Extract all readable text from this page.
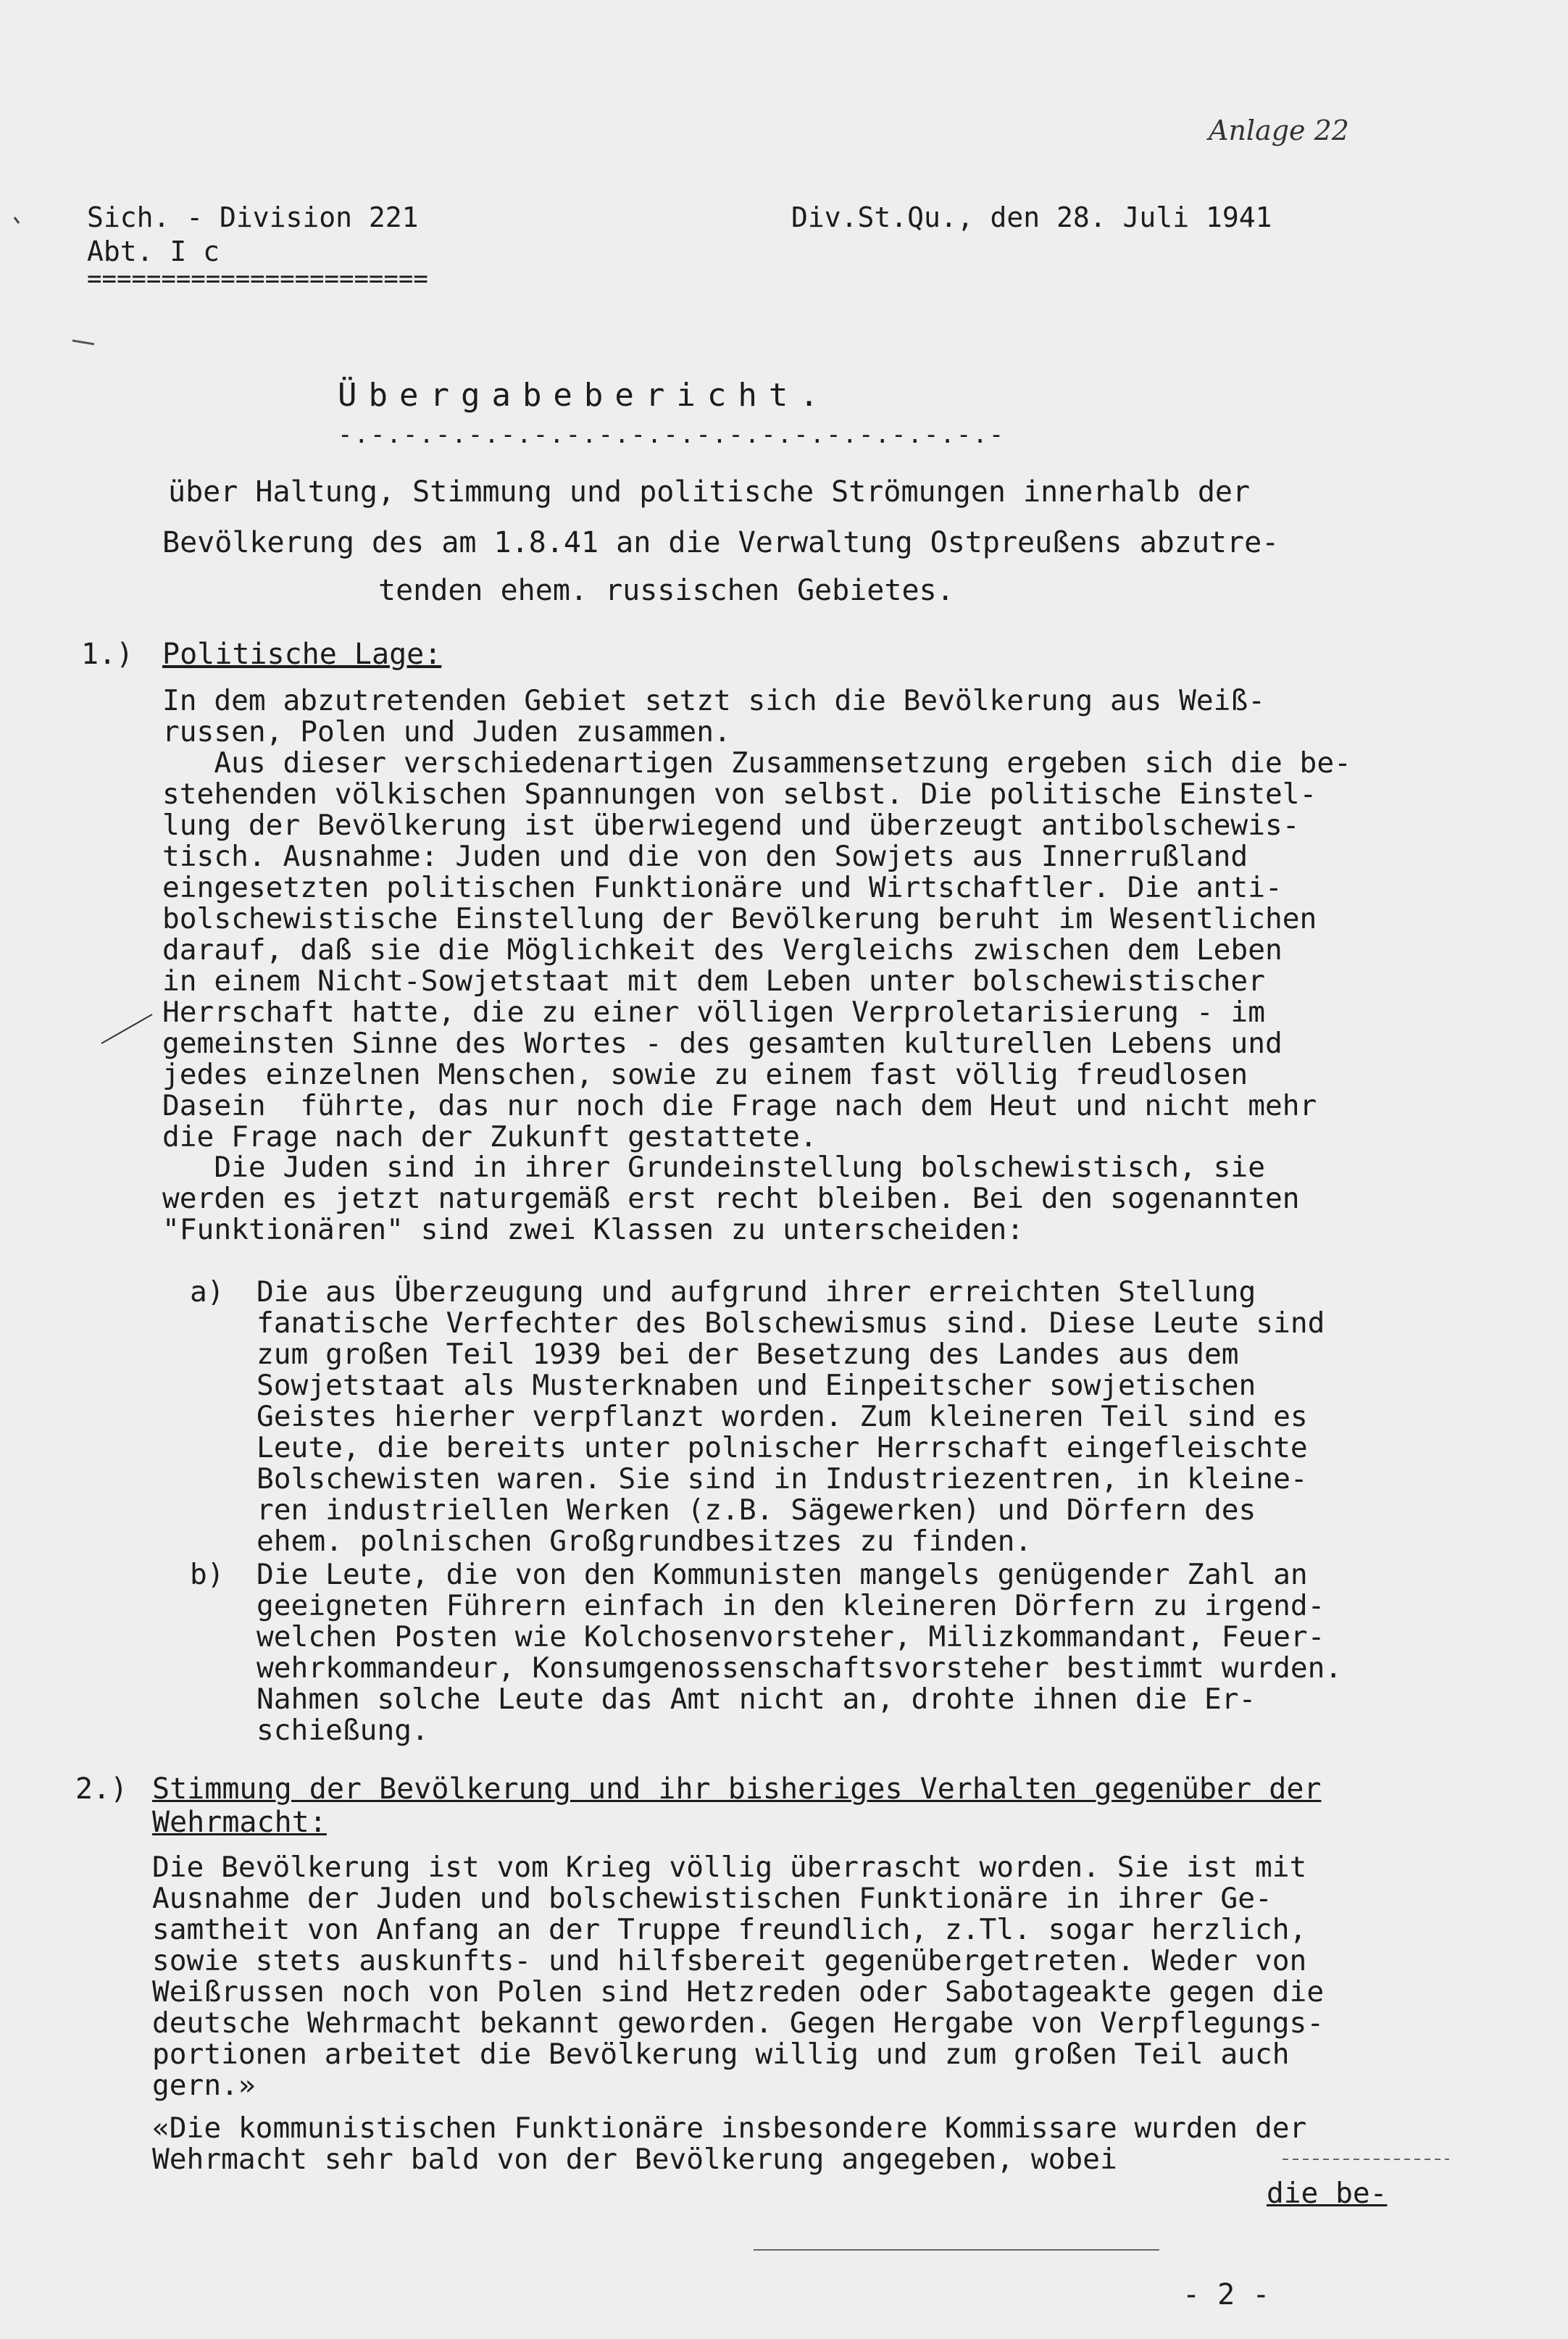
Anlage 22
Sich. - Division 221
Abt. I c
=======================
Div.St.Qu., den 28. Juli 1941
Übergabebericht.
-.-.-.-.-.-.-.-.-.-.-.-.-.-.-.-.-.-.-.-.-
über Haltung, Stimmung und politische Strömungen innerhalb der
Bevölkerung des am 1.8.41 an die Verwaltung Ostpreußens abzutre-
tenden ehem. russischen Gebietes.
1.) Politische Lage:
In dem abzutretenden Gebiet setzt sich die Bevölkerung aus Weiß-
russen, Polen und Juden zusammen.
Aus dieser verschiedenartigen Zusammensetzung ergeben sich die be-
stehenden völkischen Spannungen von selbst. Die politische Einstel-
lung der Bevölkerung ist überwiegend und überzeugt antibolschewis-
tisch. Ausnahme: Juden und die von den Sowjets aus Innerrußland
eingesetzten politischen Funktionäre und Wirtschaftler. Die anti-
bolschewistische Einstellung der Bevölkerung beruht im Wesentlichen
darauf, daß sie die Möglichkeit des Vergleichs zwischen dem Leben
in einem Nicht-Sowjetstaat mit dem Leben unter bolschewistischer
Herrschaft hatte, die zu einer völligen Verproletarisierung - im
gemeinsten Sinne des Wortes - des gesamten kulturellen Lebens und
jedes einzelnen Menschen, sowie zu einem fast völlig freudlosen
Dasein  führte, das nur noch die Frage nach dem Heut und nicht mehr
die Frage nach der Zukunft gestattete.
Die Juden sind in ihrer Grundeinstellung bolschewistisch, sie
werden es jetzt naturgemäß erst recht bleiben. Bei den sogenannten
"Funktionären" sind zwei Klassen zu unterscheiden:
a) Die aus Überzeugung und aufgrund ihrer erreichten Stellung
fanatische Verfechter des Bolschewismus sind. Diese Leute sind
zum großen Teil 1939 bei der Besetzung des Landes aus dem
Sowjetstaat als Musterknaben und Einpeitscher sowjetischen
Geistes hierher verpflanzt worden. Zum kleineren Teil sind es
Leute, die bereits unter polnischer Herrschaft eingefleischte
Bolschewisten waren. Sie sind in Industriezentren, in kleine-
ren industriellen Werken (z.B. Sägewerken) und Dörfern des
ehem. polnischen Großgrundbesitzes zu finden.
b) Die Leute, die von den Kommunisten mangels genügender Zahl an
geeigneten Führern einfach in den kleineren Dörfern zu irgend-
welchen Posten wie Kolchosenvorsteher, Milizkommandant, Feuer-
wehrkommandeur, Konsumgenossenschaftsvorsteher bestimmt wurden.
Nahmen solche Leute das Amt nicht an, drohte ihnen die Er-
schießung.
2.) Stimmung der Bevölkerung und ihr bisheriges Verhalten gegenüber der
Wehrmacht:
Die Bevölkerung ist vom Krieg völlig überrascht worden. Sie ist mit
Ausnahme der Juden und bolschewistischen Funktionäre in ihrer Ge-
samtheit von Anfang an der Truppe freundlich, z.Tl. sogar herzlich,
sowie stets auskunfts- und hilfsbereit gegenübergetreten. Weder von
Weißrussen noch von Polen sind Hetzreden oder Sabotageakte gegen die
deutsche Wehrmacht bekannt geworden. Gegen Hergabe von Verpflegungs-
portionen arbeitet die Bevölkerung willig und zum großen Teil auch
gern.»
«Die kommunistischen Funktionäre insbesondere Kommissare wurden der
Wehrmacht sehr bald von der Bevölkerung angegeben, wobei
die be-
- 2 -
